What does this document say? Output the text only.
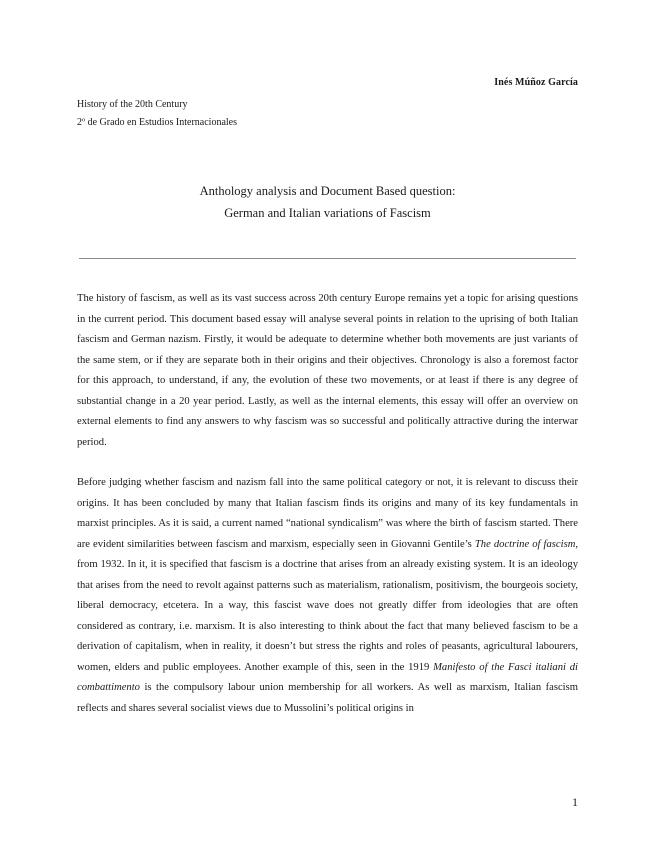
Inés Múñoz García
History of the 20th Century
2º de Grado en Estudios Internacionales
Anthology analysis and Document Based question:
German and Italian variations of Fascism

The history of fascism, as well as its vast success across 20th century Europe remains yet a topic for arising questions in the current period. This document based essay will analyse several points in relation to the uprising of both Italian fascism and German nazism. Firstly, it would be adequate to determine whether both movements are just variants of the same stem, or if they are separate both in their origins and their objectives. Chronology is also a foremost factor for this approach, to understand, if any, the evolution of these two movements, or at least if there is any degree of substantial change in a 20 year period. Lastly, as well as the internal elements, this essay will offer an overview on external elements to find any answers to why fascism was so successful and politically attractive during the interwar period.

Before judging whether fascism and nazism fall into the same political category or not, it is relevant to discuss their origins. It has been concluded by many that Italian fascism finds its origins and many of its key fundamentals in marxist principles. As it is said, a current named “national syndicalism” was where the birth of fascism started. There are evident similarities between fascism and marxism, especially seen in Giovanni Gentile’s The doctrine of fascism, from 1932. In it, it is specified that fascism is a doctrine that arises from an already existing system. It is an ideology that arises from the need to revolt against patterns such as materialism, rationalism, positivism, the bourgeois society, liberal democracy, etcetera. In a way, this fascist wave does not greatly differ from ideologies that are often considered as contrary, i.e. marxism. It is also interesting to think about the fact that many believed fascism to be a derivation of capitalism, when in reality, it doesn’t but stress the rights and roles of peasants, agricultural labourers, women, elders and public employees. Another example of this, seen in the 1919 Manifesto of the Fasci italiani di combattimento is the compulsory labour union membership for all workers. As well as marxism, Italian fascism reflects and shares several socialist views due to Mussolini’s political origins in

1
